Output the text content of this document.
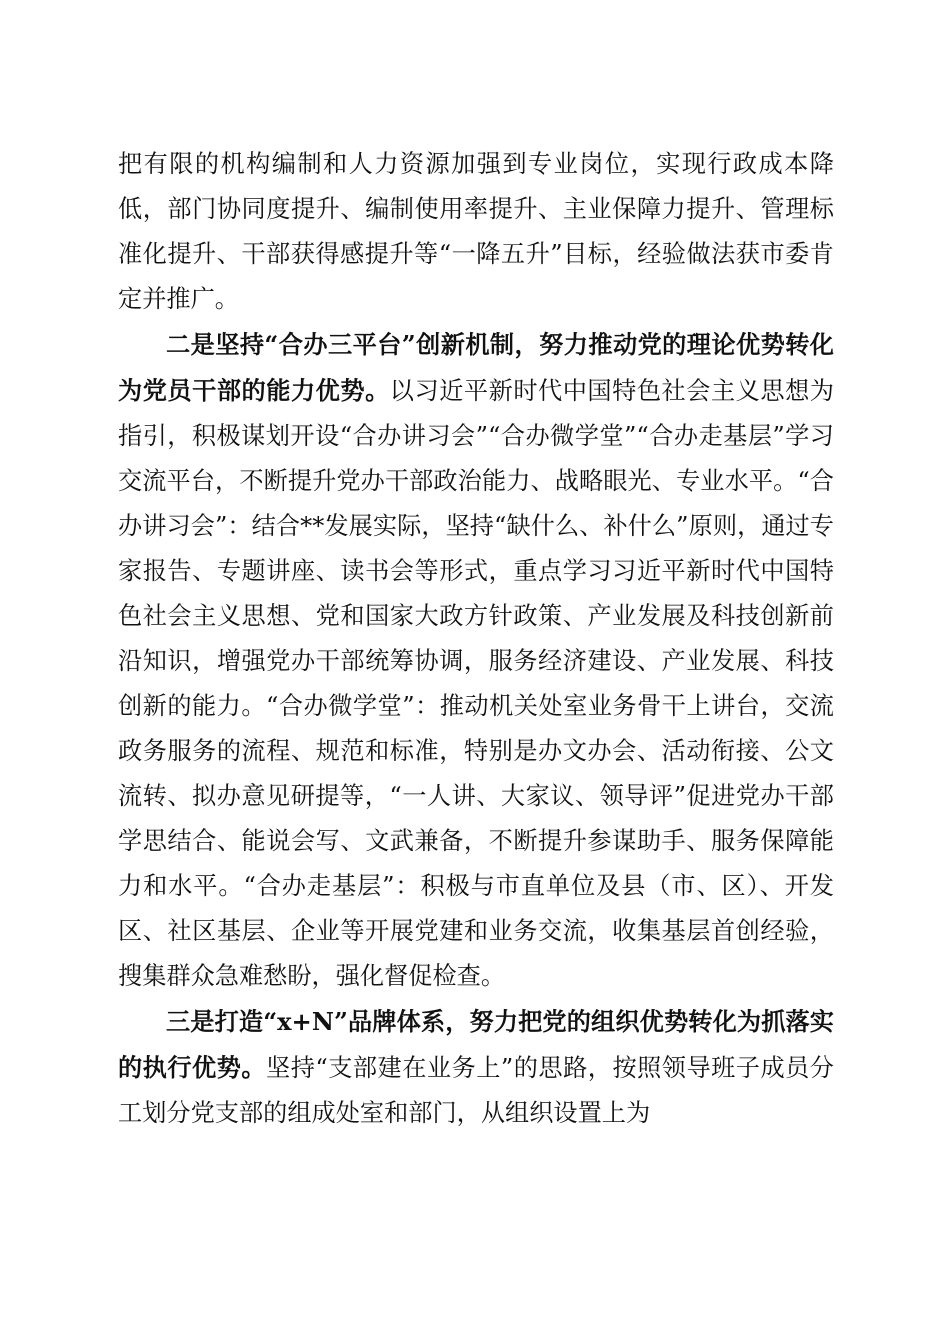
把有限的机构编制和人力资源加强到专业岗位，实现行政成本降低，部门协同度提升、编制使用率提升、主业保障力提升、管理标准化提升、干部获得感提升等“一降五升”目标，经验做法获市委肯定并推广。

二是坚持“合办三平台”创新机制，努力推动党的理论优势转化为党员干部的能力优势。以习近平新时代中国特色社会主义思想为指引，积极谋划开设“合办讲习会”“合办微学堂”“合办走基层”学习交流平台，不断提升党办干部政治能力、战略眼光、专业水平。“合办讲习会”：结合**发展实际，坚持“缺什么、补什么”原则，通过专家报告、专题讲座、读书会等形式，重点学习习近平新时代中国特色社会主义思想、党和国家大政方针政策、产业发展及科技创新前沿知识，增强党办干部统筹协调，服务经济建设、产业发展、科技创新的能力。“合办微学堂”：推动机关处室业务骨干上讲台，交流政务服务的流程、规范和标准，特别是办文办会、活动衔接、公文流转、拟办意见研提等，“一人讲、大家议、领导评”促进党办干部学思结合、能说会写、文武兼备，不断提升参谋助手、服务保障能力和水平。“合办走基层”：积极与市直单位及县（市、区）、开发区、社区基层、企业等开展党建和业务交流，收集基层首创经验，搜集群众急难愁盼，强化督促检查。

三是打造“x+N”品牌体系，努力把党的组织优势转化为抓落实的执行优势。坚持“支部建在业务上”的思路，按照领导班子成员分工划分党支部的组成处室和部门，从组织设置上为
